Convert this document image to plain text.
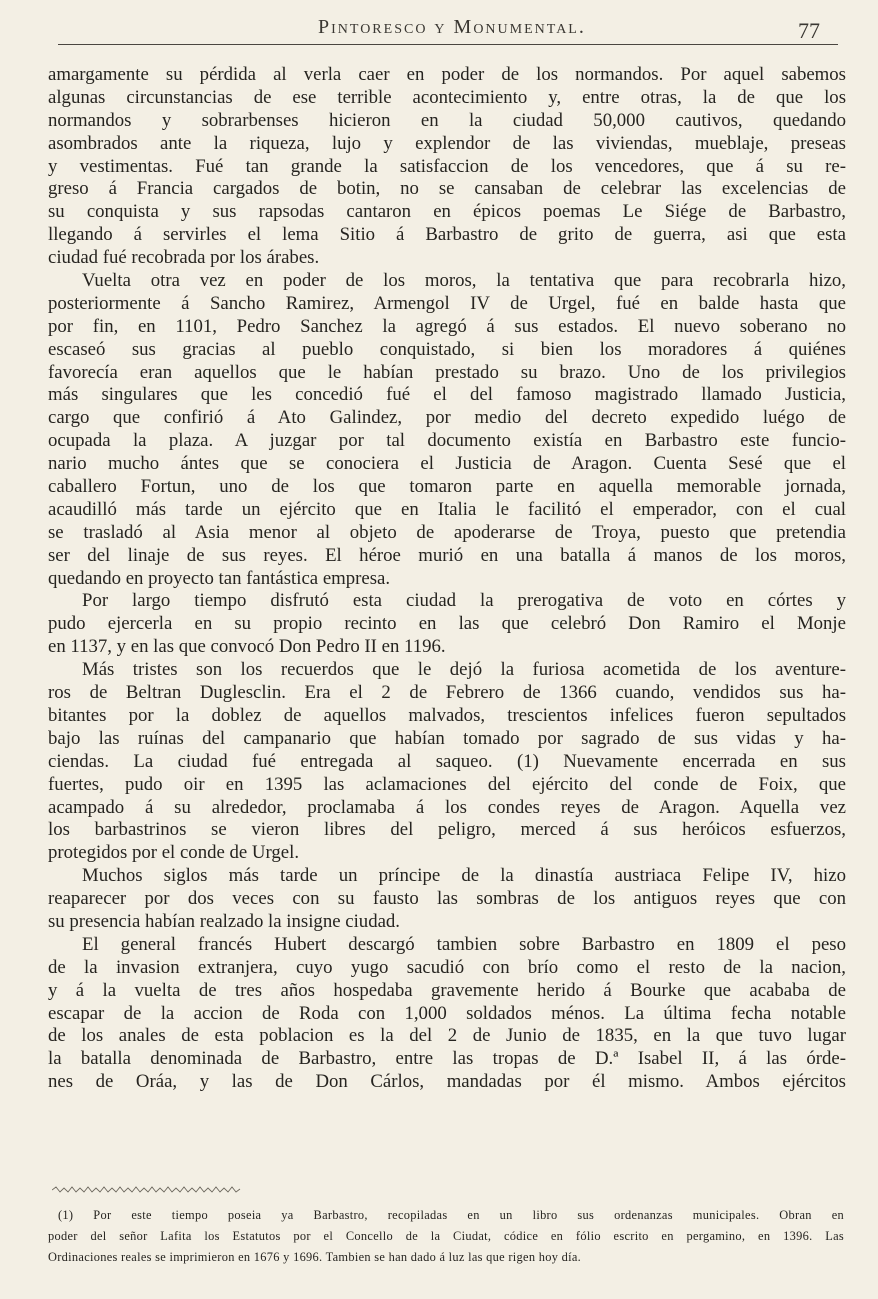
Pintoresco y Monumental.	77
amargamente su pérdida al verla caer en poder de los normandos. Por aquel sabemos
algunas circunstancias de ese terrible acontecimiento y, entre otras, la de que los
normandos y sobrarbenses hicieron en la ciudad 50,000 cautivos, quedando
asombrados ante la riqueza, lujo y explendor de las viviendas, mueblaje, preseas
y vestimentas. Fué tan grande la satisfaccion de los vencedores, que á su re-
greso á Francia cargados de botin, no se cansaban de celebrar las excelencias de
su conquista y sus rapsodas cantaron en épicos poemas Le Siége de Barbastro,
llegando á servirles el lema Sitio á Barbastro de grito de guerra, asi que esta
ciudad fué recobrada por los árabes.
Vuelta otra vez en poder de los moros, la tentativa que para recobrarla hizo,
posteriormente á Sancho Ramirez, Armengol IV de Urgel, fué en balde hasta que
por fin, en 1101, Pedro Sanchez la agregó á sus estados. El nuevo soberano no
escaseó sus gracias al pueblo conquistado, si bien los moradores á quiénes
favorecía eran aquellos que le habían prestado su brazo. Uno de los privilegios
más singulares que les concedió fué el del famoso magistrado llamado Justicia,
cargo que confirió á Ato Galindez, por medio del decreto expedido luégo de
ocupada la plaza. A juzgar por tal documento existía en Barbastro este funcio-
nario mucho ántes que se conociera el Justicia de Aragon. Cuenta Sesé que el
caballero Fortun, uno de los que tomaron parte en aquella memorable jornada,
acaudilló más tarde un ejército que en Italia le facilitó el emperador, con el cual
se trasladó al Asia menor al objeto de apoderarse de Troya, puesto que pretendia
ser del linaje de sus reyes. El héroe murió en una batalla á manos de los moros,
quedando en proyecto tan fantástica empresa.
Por largo tiempo disfrutó esta ciudad la prerogativa de voto en córtes y
pudo ejercerla en su propio recinto en las que celebró Don Ramiro el Monje
en 1137, y en las que convocó Don Pedro II en 1196.
Más tristes son los recuerdos que le dejó la furiosa acometida de los aventure-
ros de Beltran Duglesclin. Era el 2 de Febrero de 1366 cuando, vendidos sus ha-
bitantes por la doblez de aquellos malvados, trescientos infelices fueron sepultados
bajo las ruínas del campanario que habían tomado por sagrado de sus vidas y ha-
ciendas. La ciudad fué entregada al saqueo. (1) Nuevamente encerrada en sus
fuertes, pudo oir en 1395 las aclamaciones del ejército del conde de Foix, que
acampado á su alrededor, proclamaba á los condes reyes de Aragon. Aquella vez
los barbastrinos se vieron libres del peligro, merced á sus heróicos esfuerzos,
protegidos por el conde de Urgel.
Muchos siglos más tarde un príncipe de la dinastía austriaca Felipe IV, hizo
reaparecer por dos veces con su fausto las sombras de los antiguos reyes que con
su presencia habían realzado la insigne ciudad.
El general francés Hubert descargó tambien sobre Barbastro en 1809 el peso
de la invasion extranjera, cuyo yugo sacudió con brío como el resto de la nacion,
y á la vuelta de tres años hospedaba gravemente herido á Bourke que acababa de
escapar de la accion de Roda con 1,000 soldados ménos. La última fecha notable
de los anales de esta poblacion es la del 2 de Junio de 1835, en la que tuvo lugar
la batalla denominada de Barbastro, entre las tropas de D.ª Isabel II, á las órde-
nes de Oráa, y las de Don Cárlos, mandadas por él mismo. Ambos ejércitos
(1) Por este tiempo poseia ya Barbastro, recopiladas en un libro sus ordenanzas municipales. Obran en
poder del señor Lafita los Estatutos por el Concello de la Ciudat, códice en fólio escrito en pergamino, en 1396. Las
Ordinaciones reales se imprimieron en 1676 y 1696. Tambien se han dado á luz las que rigen hoy día.
